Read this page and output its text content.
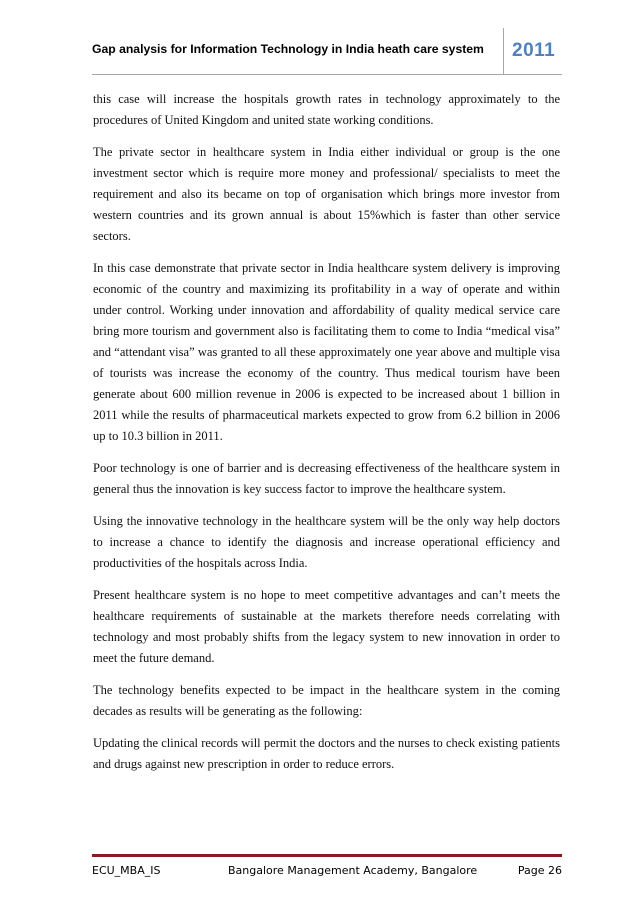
Gap analysis for Information Technology in India heath care system 2011

this case will increase the hospitals growth rates in technology approximately to the procedures of United Kingdom and united state working conditions.

The private sector in healthcare system in India either individual or group is the one investment sector which is require more money and professional/ specialists to meet the requirement and also its became on top of organisation which brings more investor from western countries and its grown annual is about 15%which is faster than other service sectors.

In this case demonstrate that private sector in India healthcare system delivery is improving economic of the country and maximizing its profitability in a way of operate and within under control. Working under innovation and affordability of quality medical service care bring more tourism and government also is facilitating them to come to India “medical visa” and “attendant visa” was granted to all these approximately one year above and multiple visa of tourists was increase the economy of the country. Thus medical tourism have been generate about 600 million revenue in 2006 is expected to be increased about 1 billion in 2011 while the results of pharmaceutical markets expected to grow from 6.2 billion in 2006 up to 10.3 billion in 2011.

Poor technology is one of barrier and is decreasing effectiveness of the healthcare system in general thus the innovation is key success factor to improve the healthcare system.

Using the innovative technology in the healthcare system will be the only way help doctors to increase a chance to identify the diagnosis and increase operational efficiency and productivities of the hospitals across India.

Present healthcare system is no hope to meet competitive advantages and can’t meets the healthcare requirements of sustainable at the markets therefore needs correlating with technology and most probably shifts from the legacy system to new innovation in order to meet the future demand.

The technology benefits expected to be impact in the healthcare system in the coming decades as results will be generating as the following:

Updating the clinical records will permit the doctors and the nurses to check existing patients and drugs against new prescription in order to reduce errors.

ECU_MBA_IS	Bangalore Management Academy, Bangalore	Page 26
